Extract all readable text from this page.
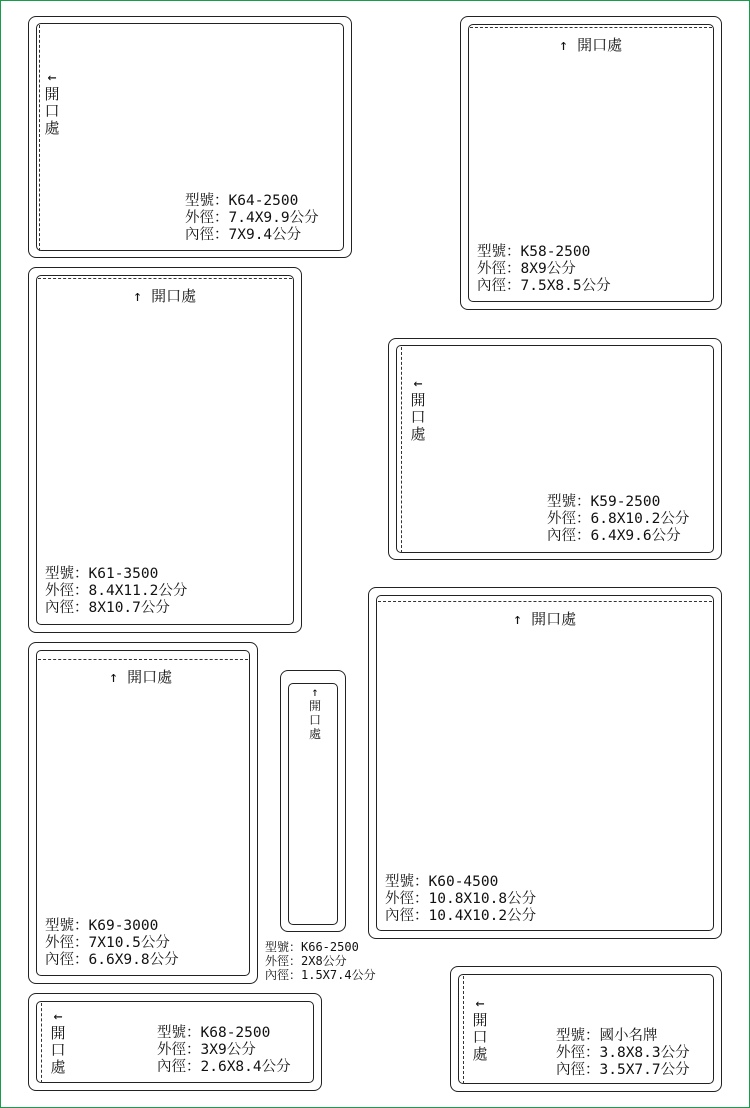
←
開
口
處
型號：K64-2500
外徑：7.4X9.9公分
內徑：7X9.4公分
↑ 開口處
型號：K58-2500
外徑：8X9公分
內徑：7.5X8.5公分
↑ 開口處
型號：K61-3500
外徑：8.4X11.2公分
內徑：8X10.7公分
←
開
口
處
型號：K59-2500
外徑：6.8X10.2公分
內徑：6.4X9.6公分
↑ 開口處
型號：K69-3000
外徑：7X10.5公分
內徑：6.6X9.8公分
↑
開
口
處
型號：K66-2500
外徑：2X8公分
內徑：1.5X7.4公分
↑ 開口處
型號：K60-4500
外徑：10.8X10.8公分
內徑：10.4X10.2公分
←
開
口
處
型號：K68-2500
外徑：3X9公分
內徑：2.6X8.4公分
←
開
口
處
型號：國小名牌
外徑：3.8X8.3公分
內徑：3.5X7.7公分
